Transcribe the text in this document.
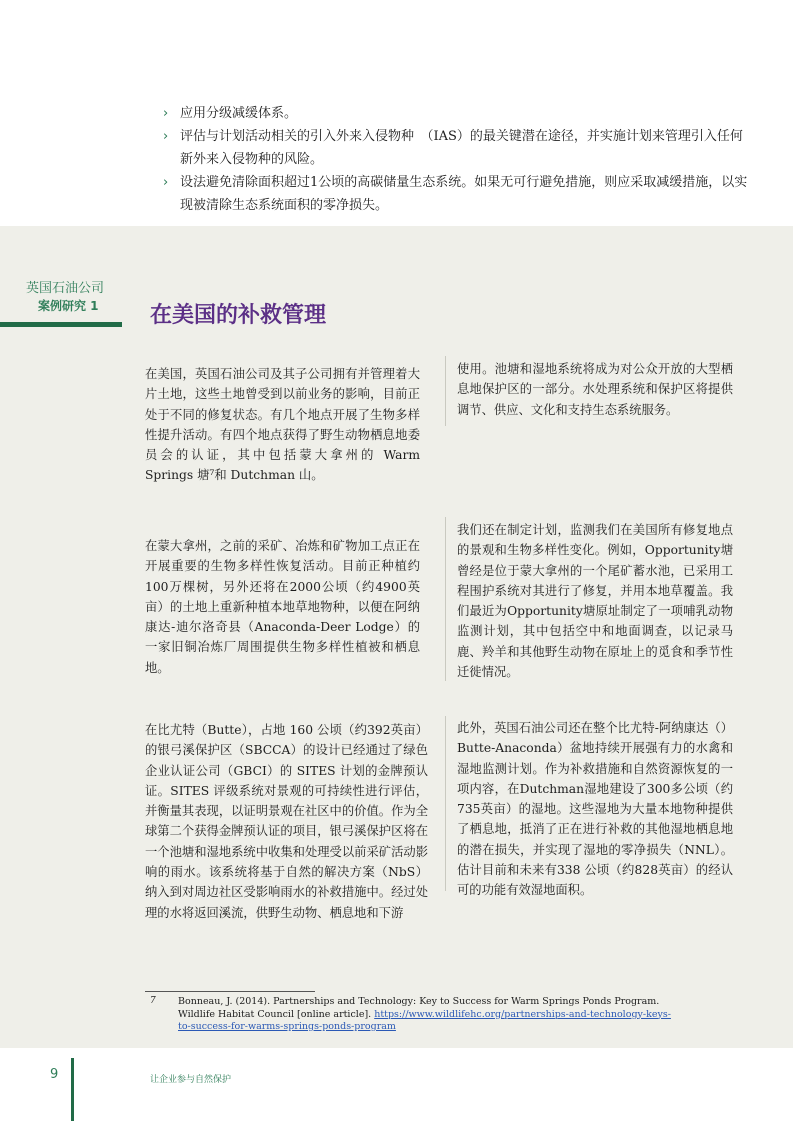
› 应用分级减缓体系。
› 评估与计划活动相关的引入外来入侵物种　（IAS）的最关键潜在途径，并实施计划来管理引入任何新外来入侵物种的风险。
› 设法避免清除面积超过1公顷的高碳储量生态系统。如果无可行避免措施，则应采取减缓措施，以实现被清除生态系统面积的零净损失。
英国石油公司
案例研究 1 在美国的补救管理

在美国，英国石油公司及其子公司拥有并管理着大片土地，这些土地曾受到以前业务的影响，目前正处于不同的修复状态。有几个地点开展了生物多样性提升活动。有四个地点获得了野生动物栖息地委员会的认证，其中包括蒙大拿州的 Warm Springs 塘⁷和 Dutchman 山。

使用。池塘和湿地系统将成为对公众开放的大型栖息地保护区的一部分。水处理系统和保护区将提供调节、供应、文化和支持生态系统服务。

在蒙大拿州，之前的采矿、冶炼和矿物加工点正在开展重要的生物多样性恢复活动。目前正种植约 100万棵树，另外还将在2000公顷（约4900英亩）的土地上重新种植本地草地物种，以便在阿纳康达-迪尔洛奇县（Anaconda-Deer Lodge）的一家旧铜冶炼厂周围提供生物多样性植被和栖息地。

我们还在制定计划，监测我们在美国所有修复地点的景观和生物多样性变化。例如，Opportunity塘曾经是位于蒙大拿州的一个尾矿蓄水池，已采用工程围护系统对其进行了修复，并用本地草覆盖。我们最近为Opportunity塘原址制定了一项哺乳动物监测计划，其中包括空中和地面调查，以记录马鹿、羚羊和其他野生动物在原址上的觅食和季节性迁徙情况。

在比尤特（Butte），占地 160 公顷（约392英亩）的银弓溪保护区（SBCCA）的设计已经通过了绿色企业认证公司（GBCI）的 SITES 计划的金牌预认证。SITES 评级系统对景观的可持续性进行评估，并衡量其表现，以证明景观在社区中的价值。作为全球第二个获得金牌预认证的项目，银弓溪保护区将在一个池塘和湿地系统中收集和处理受以前采矿活动影响的雨水。该系统将基于自然的解决方案（NbS） 纳入到对周边社区受影响雨水的补救措施中。经过处理的水将返回溪流，供野生动物、栖息地和下游

此外，英国石油公司还在整个比尤特-阿纳康达（）Butte-Anaconda）盆地持续开展强有力的水禽和湿地监测计划。作为补救措施和自然资源恢复的一项内容，在Dutchman湿地建设了300多公顷（约735英亩）的湿地。这些湿地为大量本地物种提供了栖息地，抵消了正在进行补救的其他湿地栖息地的潜在损失，并实现了湿地的零净损失（NNL）。估计目前和未来有338 公顷（约828英亩）的经认可的功能有效湿地面积。

7 Bonneau, J. (2014). Partnerships and Technology: Key to Success for Warm Springs Ponds Program. Wildlife Habitat Council [online article]. https://www.wildlifehc.org/partnerships-and-technology-keys-to-success-for-warms-springs-ponds-program

9	让企业参与自然保护
